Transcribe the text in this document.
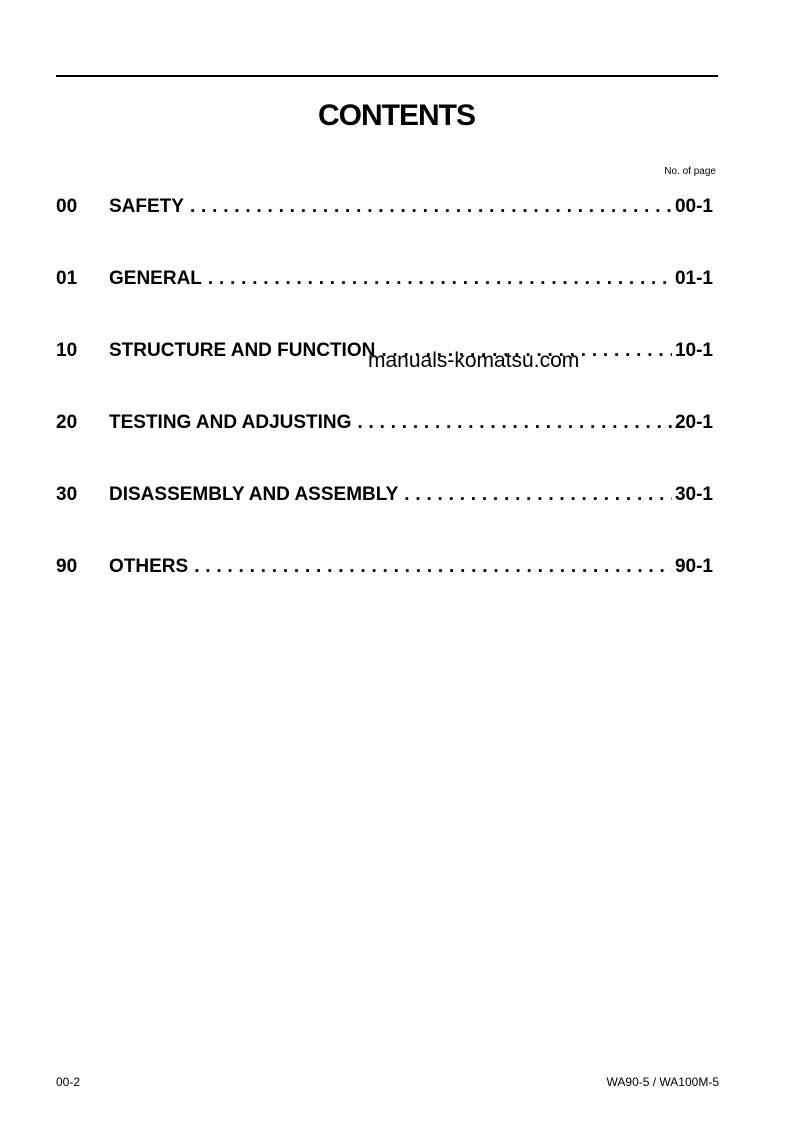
CONTENTS
No. of page
00 SAFETY .....	00-1
01 GENERAL .....	01-1
10 STRUCTURE AND FUNCTION .....	10-1
20 TESTING AND ADJUSTING .....	20-1
30 DISASSEMBLY AND ASSEMBLY .....	30-1
90 OTHERS .....	90-1
manuals-komatsu.com
00-2	WA90-5 / WA100M-5
